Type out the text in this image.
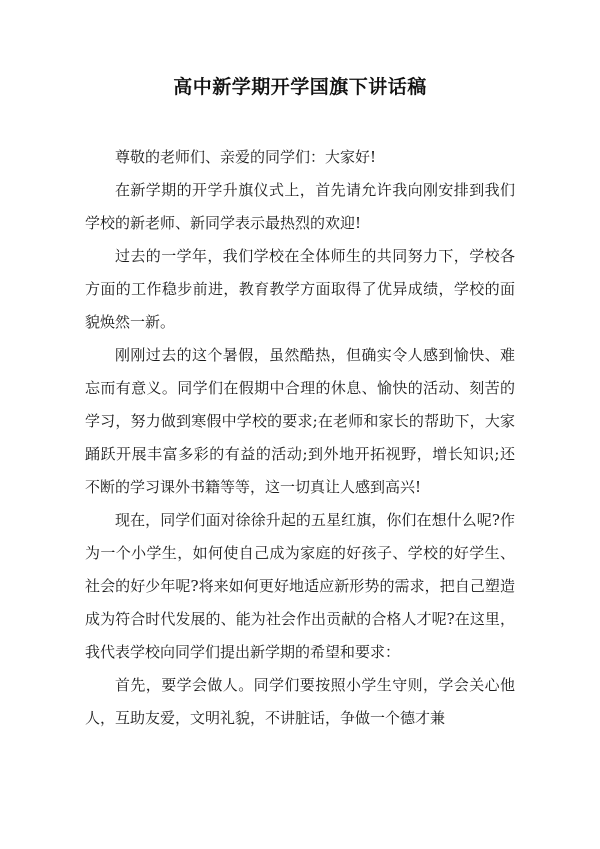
高中新学期开学国旗下讲话稿

尊敬的老师们、亲爱的同学们：大家好!

在新学期的开学升旗仪式上，首先请允许我向刚安排到我们学校的新老师、新同学表示最热烈的欢迎!

过去的一学年，我们学校在全体师生的共同努力下，学校各方面的工作稳步前进，教育教学方面取得了优异成绩，学校的面貌焕然一新。

刚刚过去的这个暑假，虽然酷热，但确实令人感到愉快、难忘而有意义。同学们在假期中合理的休息、愉快的活动、刻苦的学习，努力做到寒假中学校的要求;在老师和家长的帮助下，大家踊跃开展丰富多彩的有益的活动;到外地开拓视野，增长知识;还不断的学习课外书籍等等，这一切真让人感到高兴!

现在，同学们面对徐徐升起的五星红旗，你们在想什么呢?作为一个小学生，如何使自己成为家庭的好孩子、学校的好学生、社会的好少年呢?将来如何更好地适应新形势的需求，把自己塑造成为符合时代发展的、能为社会作出贡献的合格人才呢?在这里，我代表学校向同学们提出新学期的希望和要求：

首先，要学会做人。同学们要按照小学生守则，学会关心他人，互助友爱，文明礼貌，不讲脏话，争做一个德才兼
